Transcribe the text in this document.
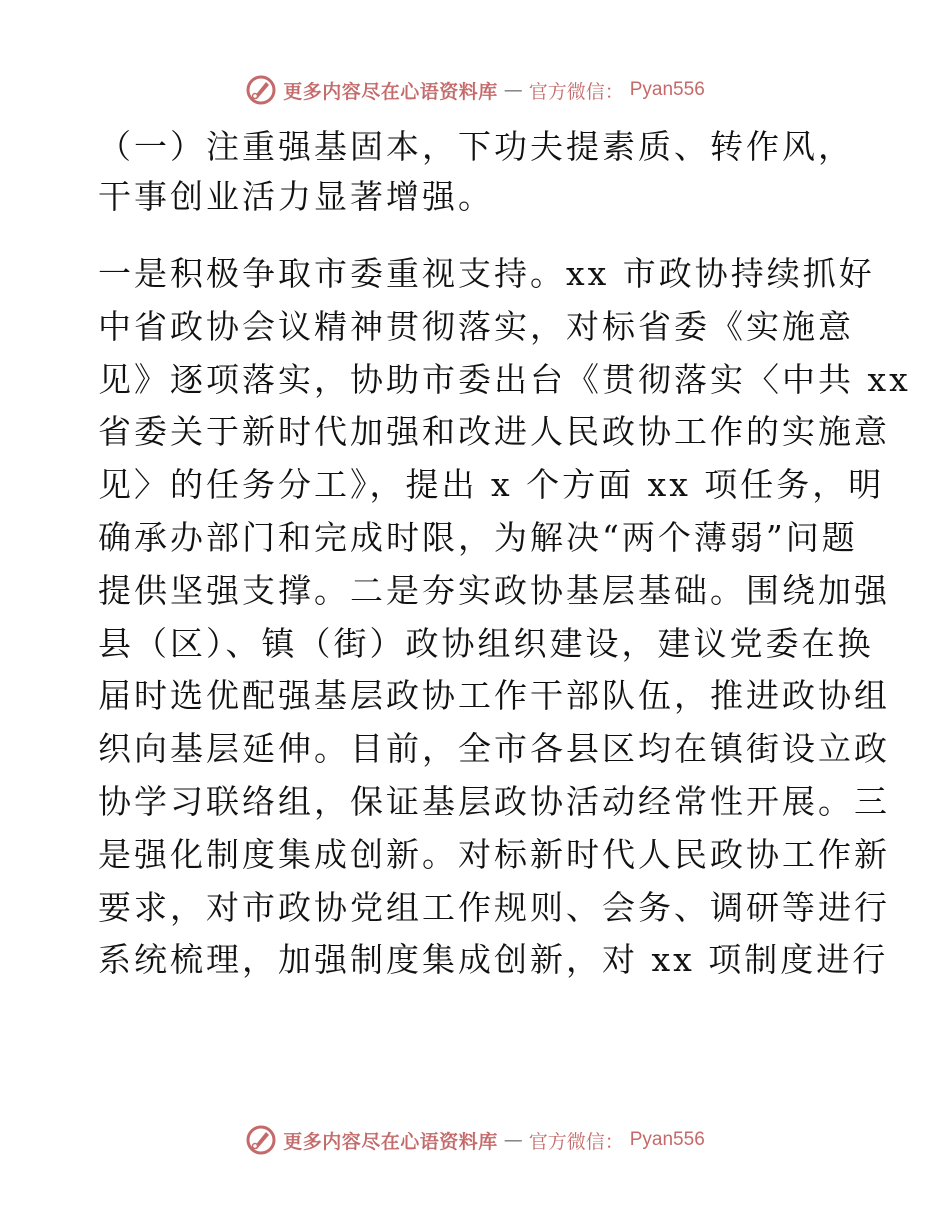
更多内容尽在心语资料库 — 官方微信： Pyan556
（一）注重强基固本，下功夫提素质、转作风，
干事创业活力显著增强。

一是积极争取市委重视支持。xx 市政协持续抓好
中省政协会议精神贯彻落实，对标省委《实施意
见》逐项落实，协助市委出台《贯彻落实〈中共 xx
省委关于新时代加强和改进人民政协工作的实施意
见〉的任务分工》，提出 x 个方面 xx 项任务，明
确承办部门和完成时限，为解决“两个薄弱”问题
提供坚强支撑。二是夯实政协基层基础。围绕加强
县（区）、镇（街）政协组织建设，建议党委在换
届时选优配强基层政协工作干部队伍，推进政协组
织向基层延伸。目前，全市各县区均在镇街设立政
协学习联络组，保证基层政协活动经常性开展。三
是强化制度集成创新。对标新时代人民政协工作新
要求，对市政协党组工作规则、会务、调研等进行
系统梳理，加强制度集成创新，对 xx 项制度进行

更多内容尽在心语资料库 — 官方微信： Pyan556
